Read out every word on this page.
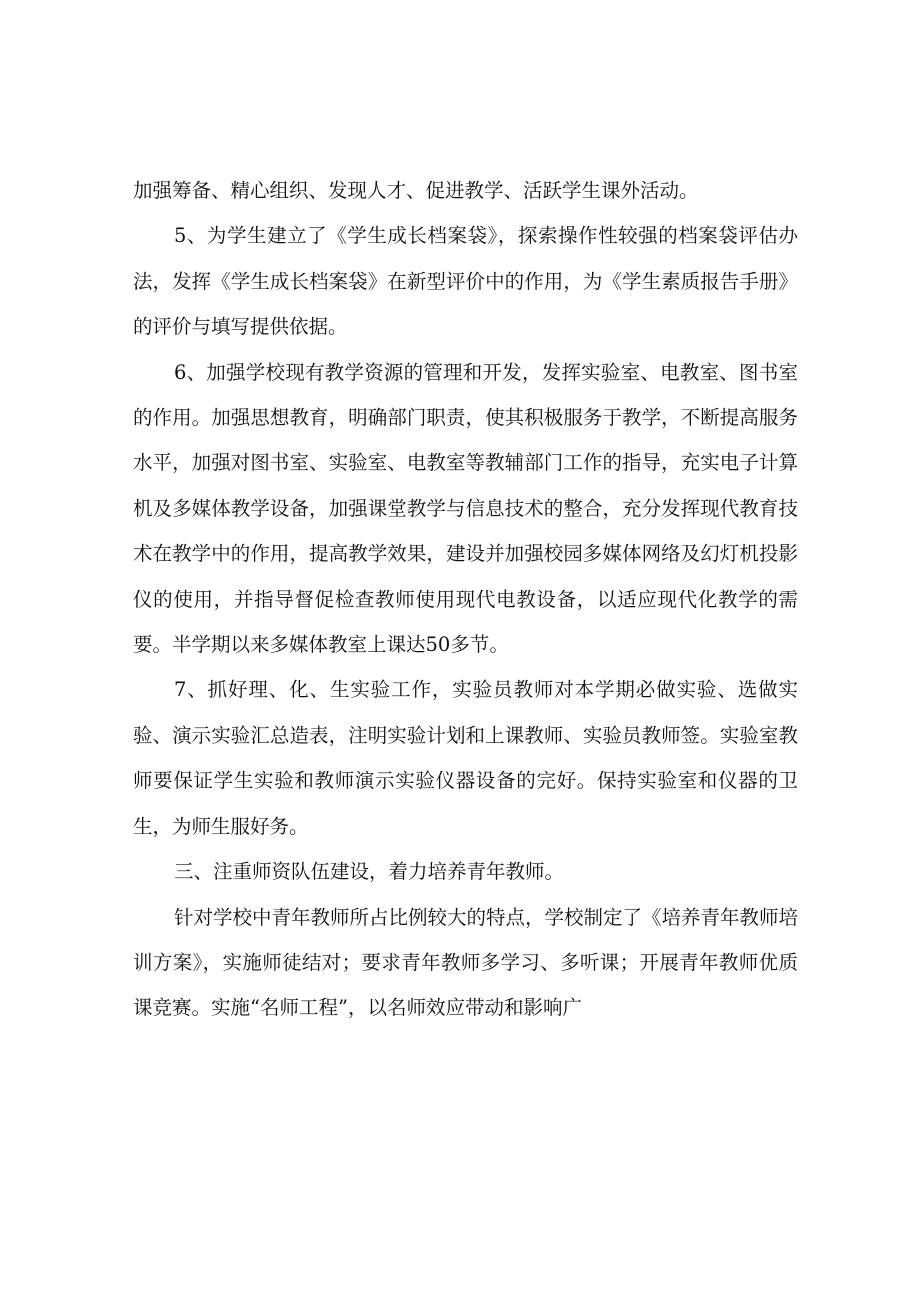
加强筹备、精心组织、发现人才、促进教学、活跃学生课外活动。

5、为学生建立了《学生成长档案袋》，探索操作性较强的档案袋评估办法，发挥《学生成长档案袋》在新型评价中的作用，为《学生素质报告手册》的评价与填写提供依据。

6、加强学校现有教学资源的管理和开发，发挥实验室、电教室、图书室的作用。加强思想教育，明确部门职责，使其积极服务于教学，不断提高服务水平，加强对图书室、实验室、电教室等教辅部门工作的指导，充实电子计算机及多媒体教学设备，加强课堂教学与信息技术的整合，充分发挥现代教育技术在教学中的作用，提高教学效果，建设并加强校园多媒体网络及幻灯机投影仪的使用，并指导督促检查教师使用现代电教设备，以适应现代化教学的需要。半学期以来多媒体教室上课达50多节。

7、抓好理、化、生实验工作，实验员教师对本学期必做实验、选做实验、演示实验汇总造表，注明实验计划和上课教师、实验员教师签。实验室教师要保证学生实验和教师演示实验仪器设备的完好。保持实验室和仪器的卫生，为师生服好务。

三、注重师资队伍建设，着力培养青年教师。

针对学校中青年教师所占比例较大的特点，学校制定了《培养青年教师培训方案》，实施师徒结对；要求青年教师多学习、多听课；开展青年教师优质课竞赛。实施“名师工程”，以名师效应带动和影响广
